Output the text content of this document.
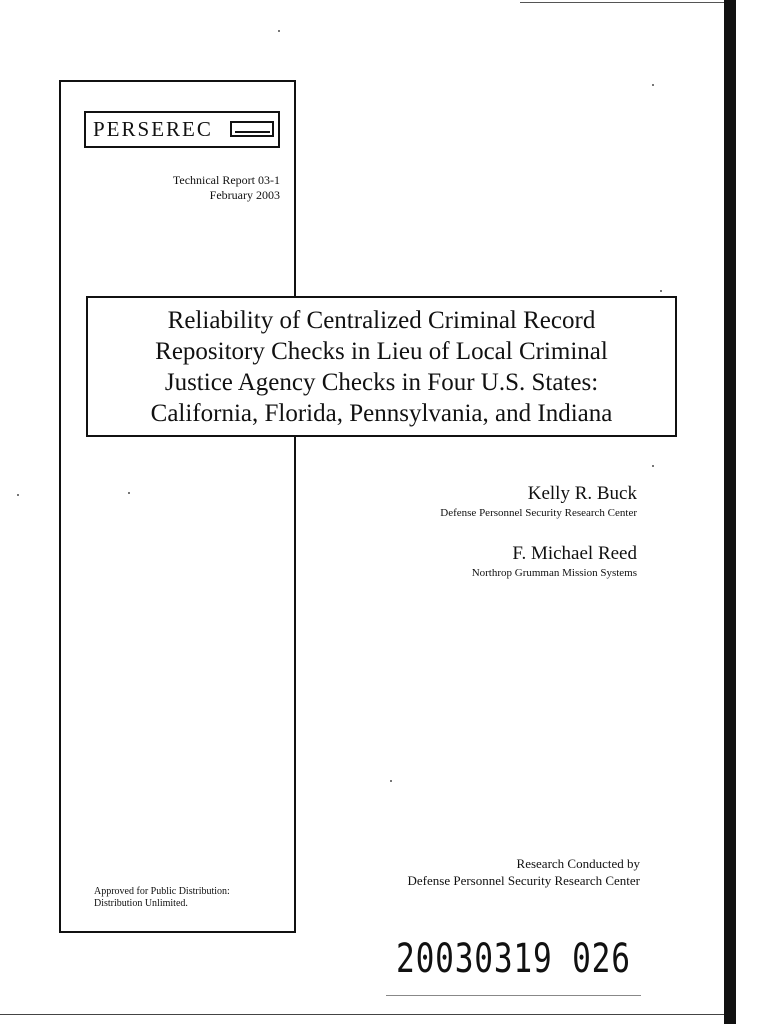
PERSEREC
Technical Report 03-1
February 2003
Reliability of Centralized Criminal Record
Repository Checks in Lieu of Local Criminal
Justice Agency Checks in Four U.S. States:
California, Florida, Pennsylvania, and Indiana
Kelly R. Buck
Defense Personnel Security Research Center
F. Michael Reed
Northrop Grumman Mission Systems
Research Conducted by
Defense Personnel Security Research Center
Approved for Public Distribution:
Distribution Unlimited.
20030319 026
